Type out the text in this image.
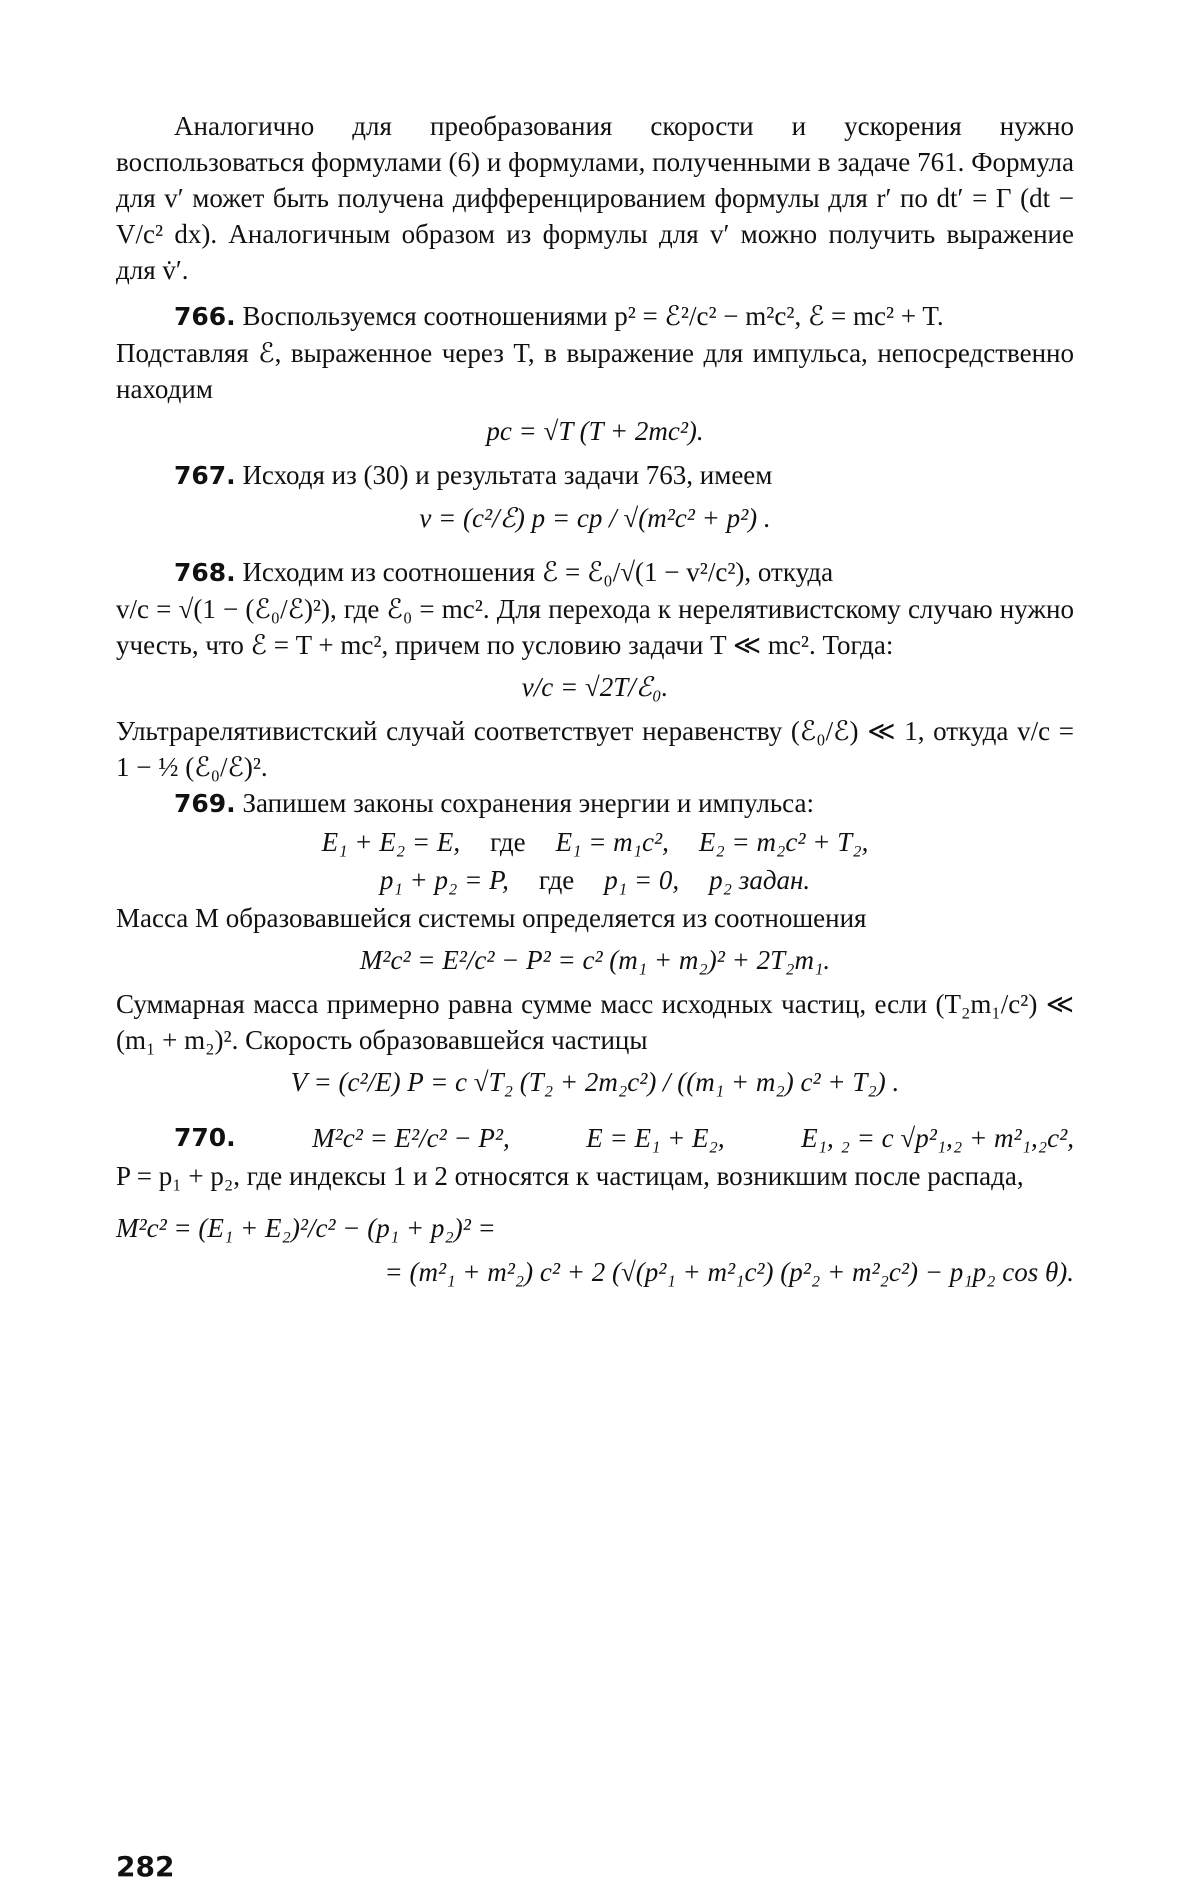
Аналогично для преобразования скорости и ускорения нужно воспользоваться формулами (6) и формулами, полученными в задаче 761. Формула для v′ может быть получена дифференцированием формулы для r′ по dt′ = Γ (dt − V/c² dx). Аналогичным образом из формулы для v′ можно получить выражение для v̇′.

766. Воспользуемся соотношениями p² = ℰ²/c² − m²c², ℰ = mc² + T.

Подставляя ℰ, выраженное через T, в выражение для импульса, непосредственно находим

pc = √T (T + 2mc²).

767. Исходя из (30) и результата задачи 763, имеем

v = (c²/ℰ) p = cp / √(m²c² + p²) .

768. Исходим из соотношения ℰ = ℰ₀/√(1 − v²/c²), откуда

v/c = √(1 − (ℰ₀/ℰ)²), где ℰ₀ = mc². Для перехода к нерелятивистскому случаю нужно учесть, что ℰ = T + mc², причем по условию задачи T ≪ mc². Тогда:

v/c = √2T/ℰ₀.

Ультрарелятивистский случай соответствует неравенству (ℰ₀/ℰ) ≪ 1, откуда v/c = 1 − ½ (ℰ₀/ℰ)².

769. Запишем законы сохранения энергии и импульса:

E₁ + E₂ = E, где E₁ = m₁c², E₂ = m₂c² + T₂,
p₁ + p₂ = P, где p₁ = 0, p₂ задан.

Масса M образовавшейся системы определяется из соотношения

M²c² = E²/c² − P² = c² (m₁ + m₂)² + 2T₂m₁.

Суммарная масса примерно равна сумме масс исходных частиц, если (T₂m₁/c²) ≪ (m₁ + m₂)². Скорость образовавшейся частицы

V = (c²/E) P = c √T₂ (T₂ + 2m₂c²) / ((m₁ + m₂) c² + T₂) .
770.	M²c² = E²/c² − P²,	E = E₁ + E₂,	E₁, ₂ = c √p²₁,₂ + m²₁,₂c²,

P = p₁ + p₂, где индексы 1 и 2 относятся к частицам, возникшим после распада,

M²c² = (E₁ + E₂)²/c² − (p₁ + p₂)² =
= (m²₁ + m²₂) c² + 2 (√(p²₁ + m²₁c²) (p²₂ + m²₂c²) − p₁p₂ cos θ).
282
